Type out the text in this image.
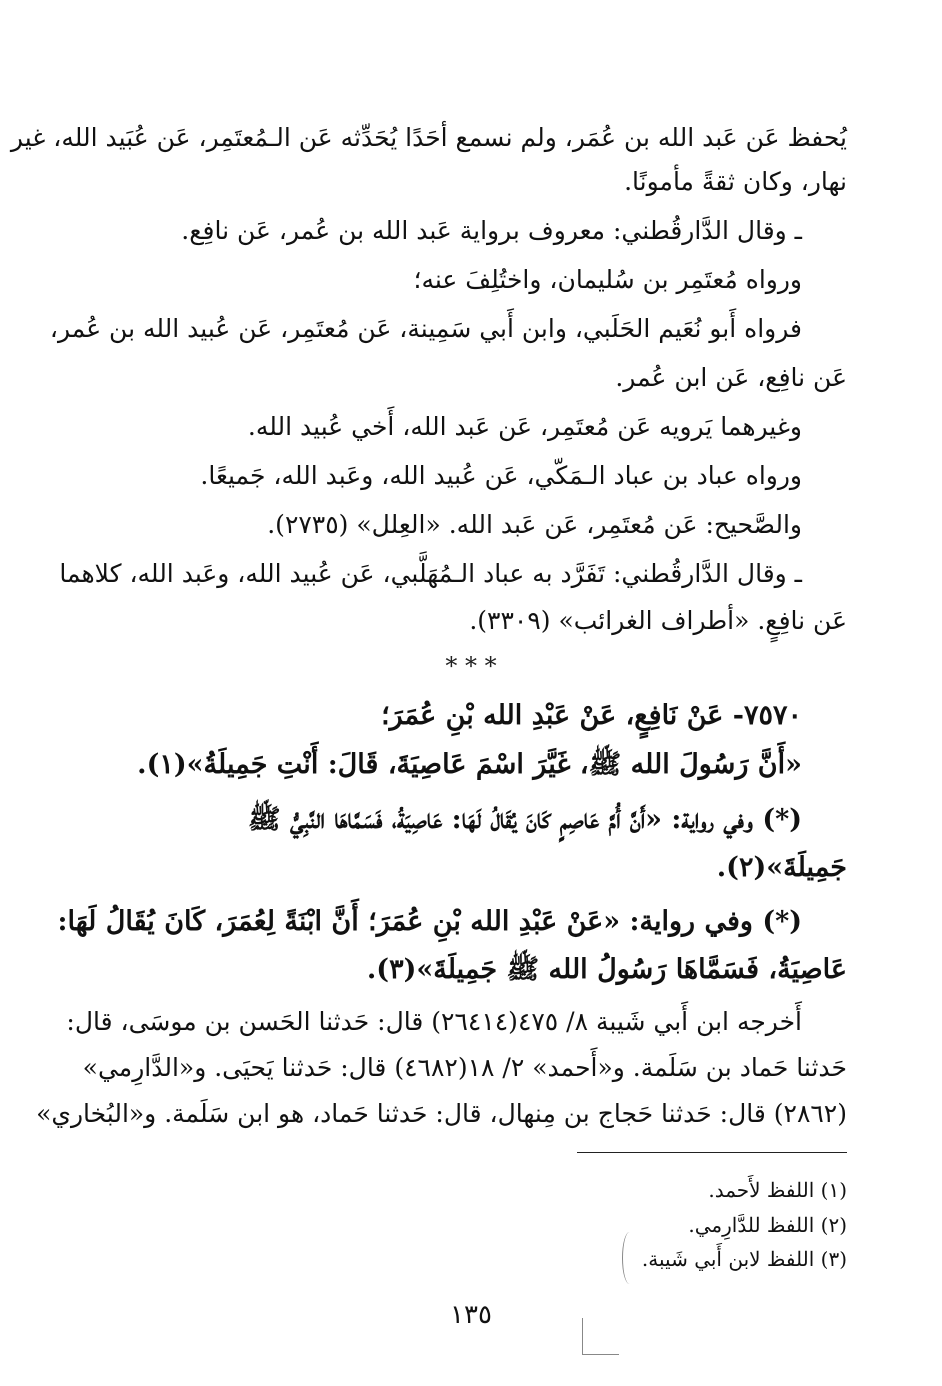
يُحفظ عَن عَبد الله بن عُمَر، ولم نسمع أحَدًا يُحَدِّثه عَن الـمُعتَمِر، عَن عُبَيد الله، غير
نهار، وكان ثقةً مأمونًا.
ـ وقال الدَّارقُطني: معروف برواية عَبد الله بن عُمر، عَن نافِع.
ورواه مُعتَمِر بن سُليمان، واختُلِفَ عنه؛
فرواه أَبو نُعَيم الحَلَبي، وابن أَبي سَمِينة، عَن مُعتَمِر، عَن عُبيد الله بن عُمر،
عَن نافِع، عَن ابن عُمر.
وغيرهما يَرويه عَن مُعتَمِر، عَن عَبد الله، أَخي عُبيد الله.
ورواه عباد بن عباد الـمَكّي، عَن عُبيد الله، وعَبد الله، جَميعًا.
والصَّحيح: عَن مُعتَمِر، عَن عَبد الله. «العِلل» (٢٧٣٥).
ـ وقال الدَّارقُطني: تَفَرَّد به عباد الـمُهَلَّبي، عَن عُبيد الله، وعَبد الله، كلاهما
عَن نافِعٍ. «أطراف الغرائب» (٣٣٠٩).
* * *
٧٥٧٠- عَنْ نَافِعٍ، عَنْ عَبْدِ الله بْنِ عُمَرَ؛
«أَنَّ رَسُولَ الله ﷺ، غَيَّرَ اسْمَ عَاصِيَةَ، قَالَ: أَنْتِ جَمِيلَةُ»(١).
(*) وفي رواية: «أَنَّ أُمَّ عَاصِمٍ كَانَ يُقَالُ لَهَا: عَاصِيَةُ، فَسَمَّاهَا النَّبِيُّ ﷺ
جَمِيلَةَ»(٢).
(*) وفي رواية: «عَنْ عَبْدِ الله بْنِ عُمَرَ؛ أَنَّ ابْنَةً لِعُمَرَ، كَانَ يُقَالُ لَهَا:
عَاصِيَةُ، فَسَمَّاهَا رَسُولُ الله ﷺ جَمِيلَةَ»(٣).
أَخرجه ابن أَبي شَيبة ٨/ ٤٧٥(٢٦٤١٤) قال: حَدثنا الحَسن بن موسَى، قال:
حَدثنا حَماد بن سَلَمة. و«أَحمد» ٢/ ١٨(٤٦٨٢) قال: حَدثنا يَحيَى. و«الدَّارِمي»
(٢٨٦٢) قال: حَدثنا حَجاج بن مِنهال، قال: حَدثنا حَماد، هو ابن سَلَمة. و«البُخاري»
(١) اللفظ لأَحمد.
(٢) اللفظ للدَّارِمي.
(٣) اللفظ لابن أَبي شَيبة.
١٣٥
